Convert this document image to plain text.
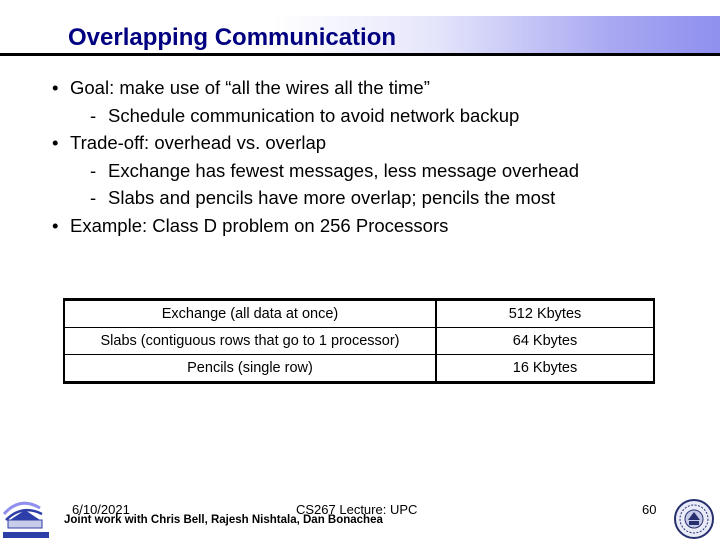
Overlapping Communication
• Goal: make use of “all the wires all the time”
- Schedule communication to avoid network backup
• Trade-off: overhead vs. overlap
- Exchange has fewest messages, less message overhead
- Slabs and pencils have more overlap; pencils the most
• Example: Class D problem on 256 Processors
Exchange (all data at once)	512 Kbytes
Slabs (contiguous rows that go to 1 processor)	64 Kbytes
Pencils (single row)	16 Kbytes
6/10/2021	CS267 Lecture: UPC
Joint work with Chris Bell, Rajesh Nishtala, Dan Bonachea
60
